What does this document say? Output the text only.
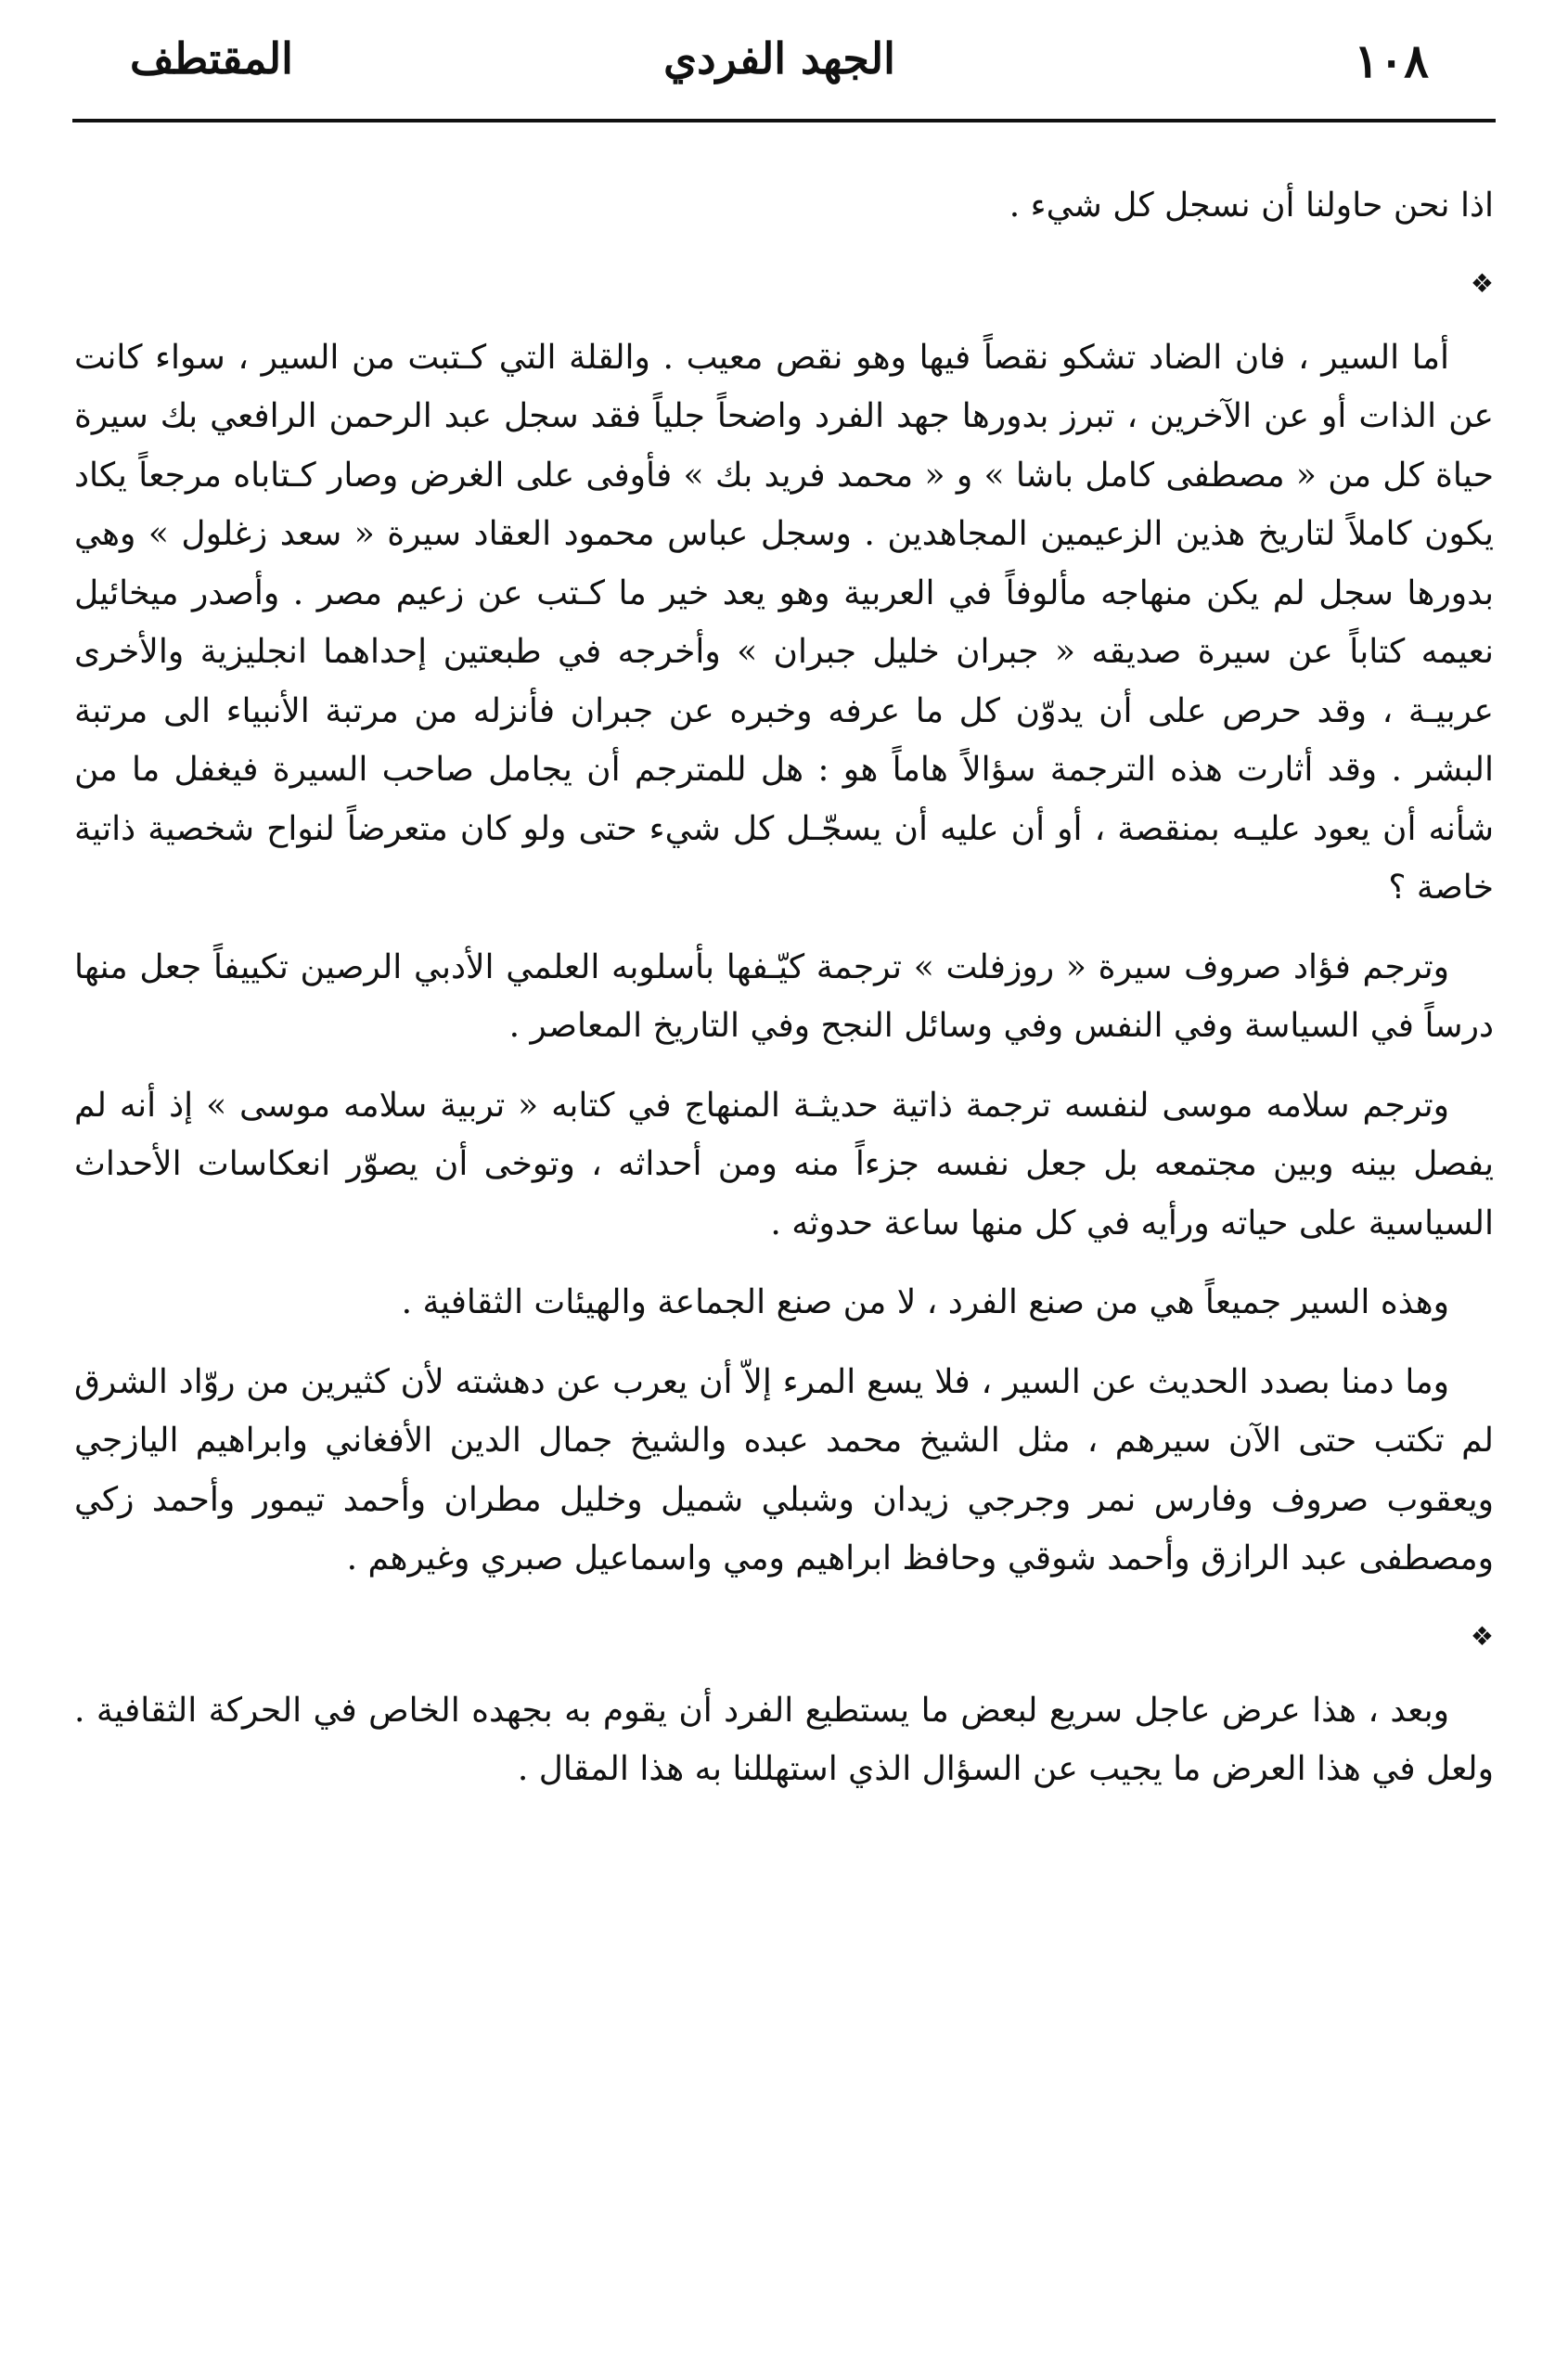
١٠٨
الجهد الفردي
المقتطف

اذا نحن حاولنا أن نسجل كل شيء .

❖

أما السير ، فان الضاد تشكو نقصاً فيها وهو نقص معيب . والقلة التي كـتبت من السير ، سواء كانت عن الذات أو عن الآخرين ، تبرز بدورها جهد الفرد واضحاً جلياً فقد سجل عبد الرحمن الرافعي بك سيرة حياة كل من « مصطفى كامل باشا » و « محمد فريد بك » فأوفى على الغرض وصار كـتاباه مرجعاً يكاد يكون كاملاً لتاريخ هذين الزعيمين المجاهدين . وسجل عباس محمود العقاد سيرة « سعد زغلول » وهي بدورها سجل لم يكن منهاجه مألوفاً في العربية وهو يعد خير ما كـتب عن زعيم مصر . وأصدر ميخائيل نعيمه كتاباً عن سيرة صديقه « جبران خليل جبران » وأخرجه في طبعتين إحداهما انجليزية والأخرى عربيـة ، وقد حرص على أن يدوّن كل ما عرفه وخبره عن جبران فأنزله من مرتبة الأنبياء الى مرتبة البشر . وقد أثارت هذه الترجمة سؤالاً هاماً هو : هل للمترجم أن يجامل صاحب السيرة فيغفل ما من شأنه أن يعود عليـه بمنقصة ، أو أن عليه أن يسجّـل كل شيء حتى ولو كان متعرضاً لنواح شخصية ذاتية خاصة ؟

وترجم فؤاد صروف سيرة « روزفلت » ترجمة كيّـفها بأسلوبه العلمي الأدبي الرصين تكييفاً جعل منها درساً في السياسة وفي النفس وفي وسائل النجح وفي التاريخ المعاصر .

وترجم سلامه موسى لنفسه ترجمة ذاتية حديثـة المنهاج في كتابه « تربية سلامه موسى » إذ أنه لم يفصل بينه وبين مجتمعه بل جعل نفسه جزءاً منه ومن أحداثه ، وتوخى أن يصوّر انعكاسات الأحداث السياسية على حياته ورأيه في كل منها ساعة حدوثه .

وهذه السير جميعاً هي من صنع الفرد ، لا من صنع الجماعة والهيئات الثقافية .

وما دمنا بصدد الحديث عن السير ، فلا يسع المرء إلاّ أن يعرب عن دهشته لأن كثيرين من روّاد الشرق لم تكتب حتى الآن سيرهم ، مثل الشيخ محمد عبده والشيخ جمال الدين الأفغاني وابراهيم اليازجي ويعقوب صروف وفارس نمر وجرجي زيدان وشبلي شميل وخليل مطران وأحمد تيمور وأحمد زكي ومصطفى عبد الرازق وأحمد شوقي وحافظ ابراهيم ومي واسماعيل صبري وغيرهم .

❖

وبعد ، هذا عرض عاجل سريع لبعض ما يستطيع الفرد أن يقوم به بجهده الخاص في الحركة الثقافية . ولعل في هذا العرض ما يجيب عن السؤال الذي استهللنا به هذا المقال .
